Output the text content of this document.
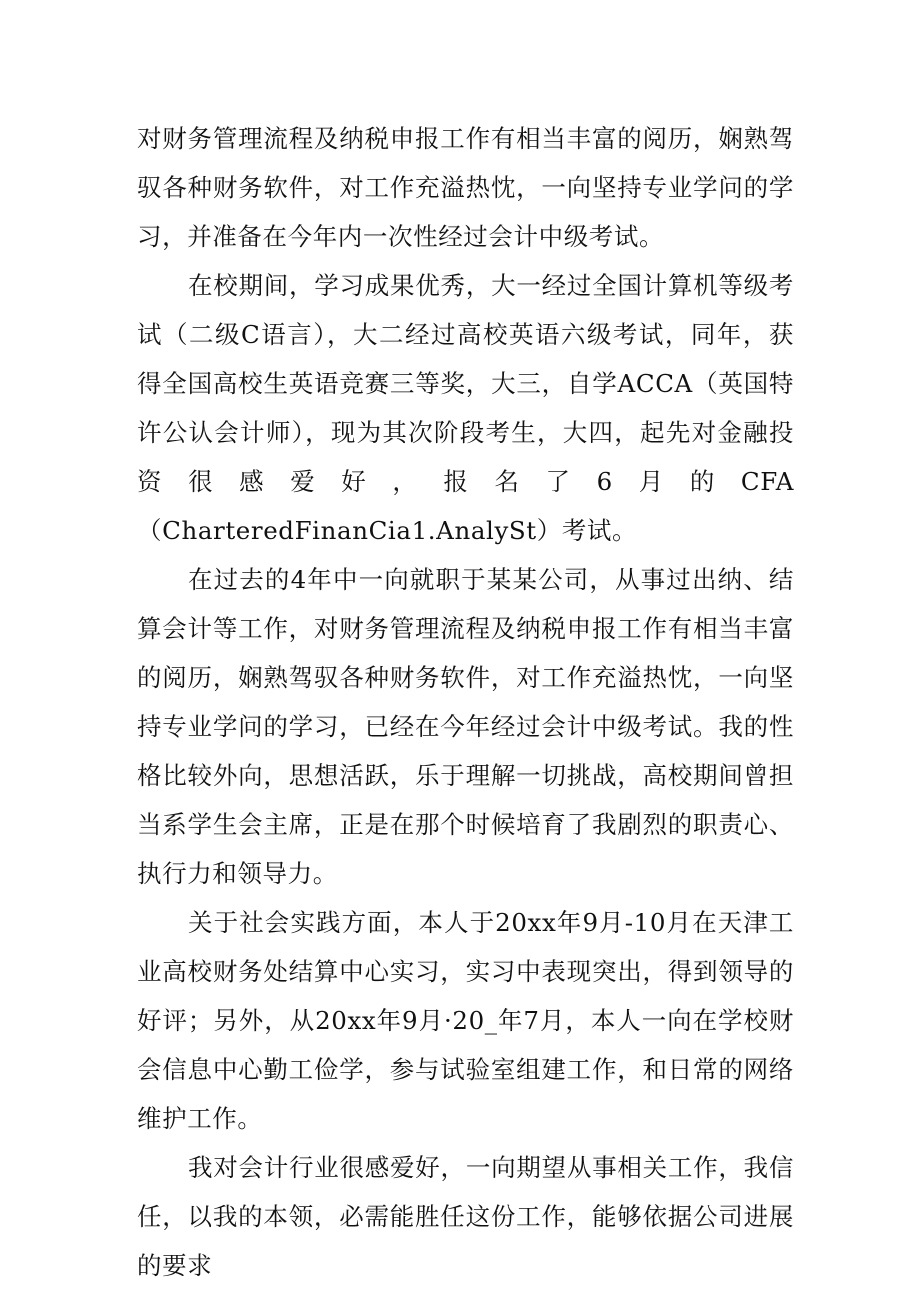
对财务管理流程及纳税申报工作有相当丰富的阅历，娴熟驾驭各种财务软件，对工作充溢热忱，一向坚持专业学问的学习，并准备在今年内一次性经过会计中级考试。

在校期间，学习成果优秀，大一经过全国计算机等级考试（二级C语言），大二经过高校英语六级考试，同年，获得全国高校生英语竞赛三等奖，大三，自学ACCA（英国特许公认会计师），现为其次阶段考生，大四，起先对金融投资很感爱好，报名了6月的CFA（CharteredFinanCia1.AnalySt）考试。

在过去的4年中一向就职于某某公司，从事过出纳、结算会计等工作，对财务管理流程及纳税申报工作有相当丰富的阅历，娴熟驾驭各种财务软件，对工作充溢热忱，一向坚持专业学问的学习，已经在今年经过会计中级考试。我的性格比较外向，思想活跃，乐于理解一切挑战，高校期间曾担当系学生会主席，正是在那个时候培育了我剧烈的职责心、执行力和领导力。

关于社会实践方面，本人于20xx年9月-10月在天津工业高校财务处结算中心实习，实习中表现突出，得到领导的好评；另外，从20xx年9月·20_年7月，本人一向在学校财会信息中心勤工俭学，参与试验室组建工作，和日常的网络维护工作。

我对会计行业很感爱好，一向期望从事相关工作，我信任，以我的本领，必需能胜任这份工作，能够依据公司进展的要求
